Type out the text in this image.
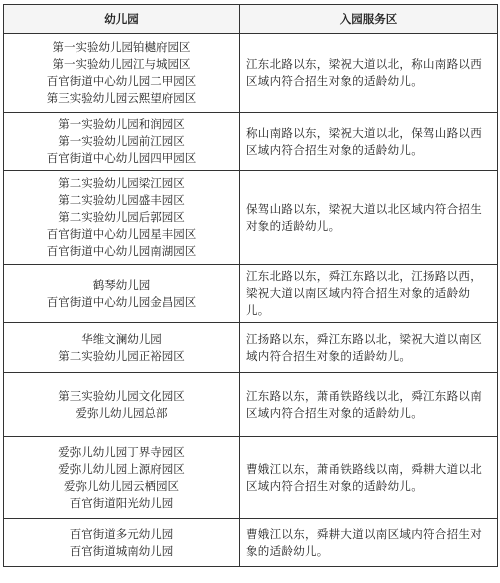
幼儿园	入园服务区

第一实验幼儿园铂樾府园区
第一实验幼儿园江与城园区
百官街道中心幼儿园二甲园区
第三实验幼儿园云熙望府园区	江东北路以东，梁祝大道以北，称山南路以西区域内符合招生对象的适龄幼儿。

第一实验幼儿园和润园区
第一实验幼儿园前江园区
百官街道中心幼儿园四甲园区	称山南路以东，梁祝大道以北，保驾山路以西区域内符合招生对象的适龄幼儿。

第二实验幼儿园梁江园区
第二实验幼儿园盛丰园区
第二实验幼儿园后郭园区
百官街道中心幼儿园星丰园区
百官街道中心幼儿园南湖园区	保驾山路以东，梁祝大道以北区域内符合招生对象的适龄幼儿。

鹤琴幼儿园
百官街道中心幼儿园金昌园区	江东北路以东，舜江东路以北，江扬路以西，梁祝大道以南区域内符合招生对象的适龄幼儿。

华维文澜幼儿园
第二实验幼儿园正裕园区	江扬路以东，舜江东路以北，梁祝大道以南区域内符合招生对象的适龄幼儿。

第三实验幼儿园文化园区
爱弥儿幼儿园总部	江东路以东，萧甬铁路线以北，舜江东路以南区域内符合招生对象的适龄幼儿。

爱弥儿幼儿园丁界寺园区
爱弥儿幼儿园上源府园区
爱弥儿幼儿园云栖园区
百官街道阳光幼儿园	曹娥江以东，萧甬铁路线以南，舜耕大道以北区域内符合招生对象的适龄幼儿。

百官街道多元幼儿园
百官街道城南幼儿园	曹娥江以东，舜耕大道以南区域内符合招生对象的适龄幼儿。
